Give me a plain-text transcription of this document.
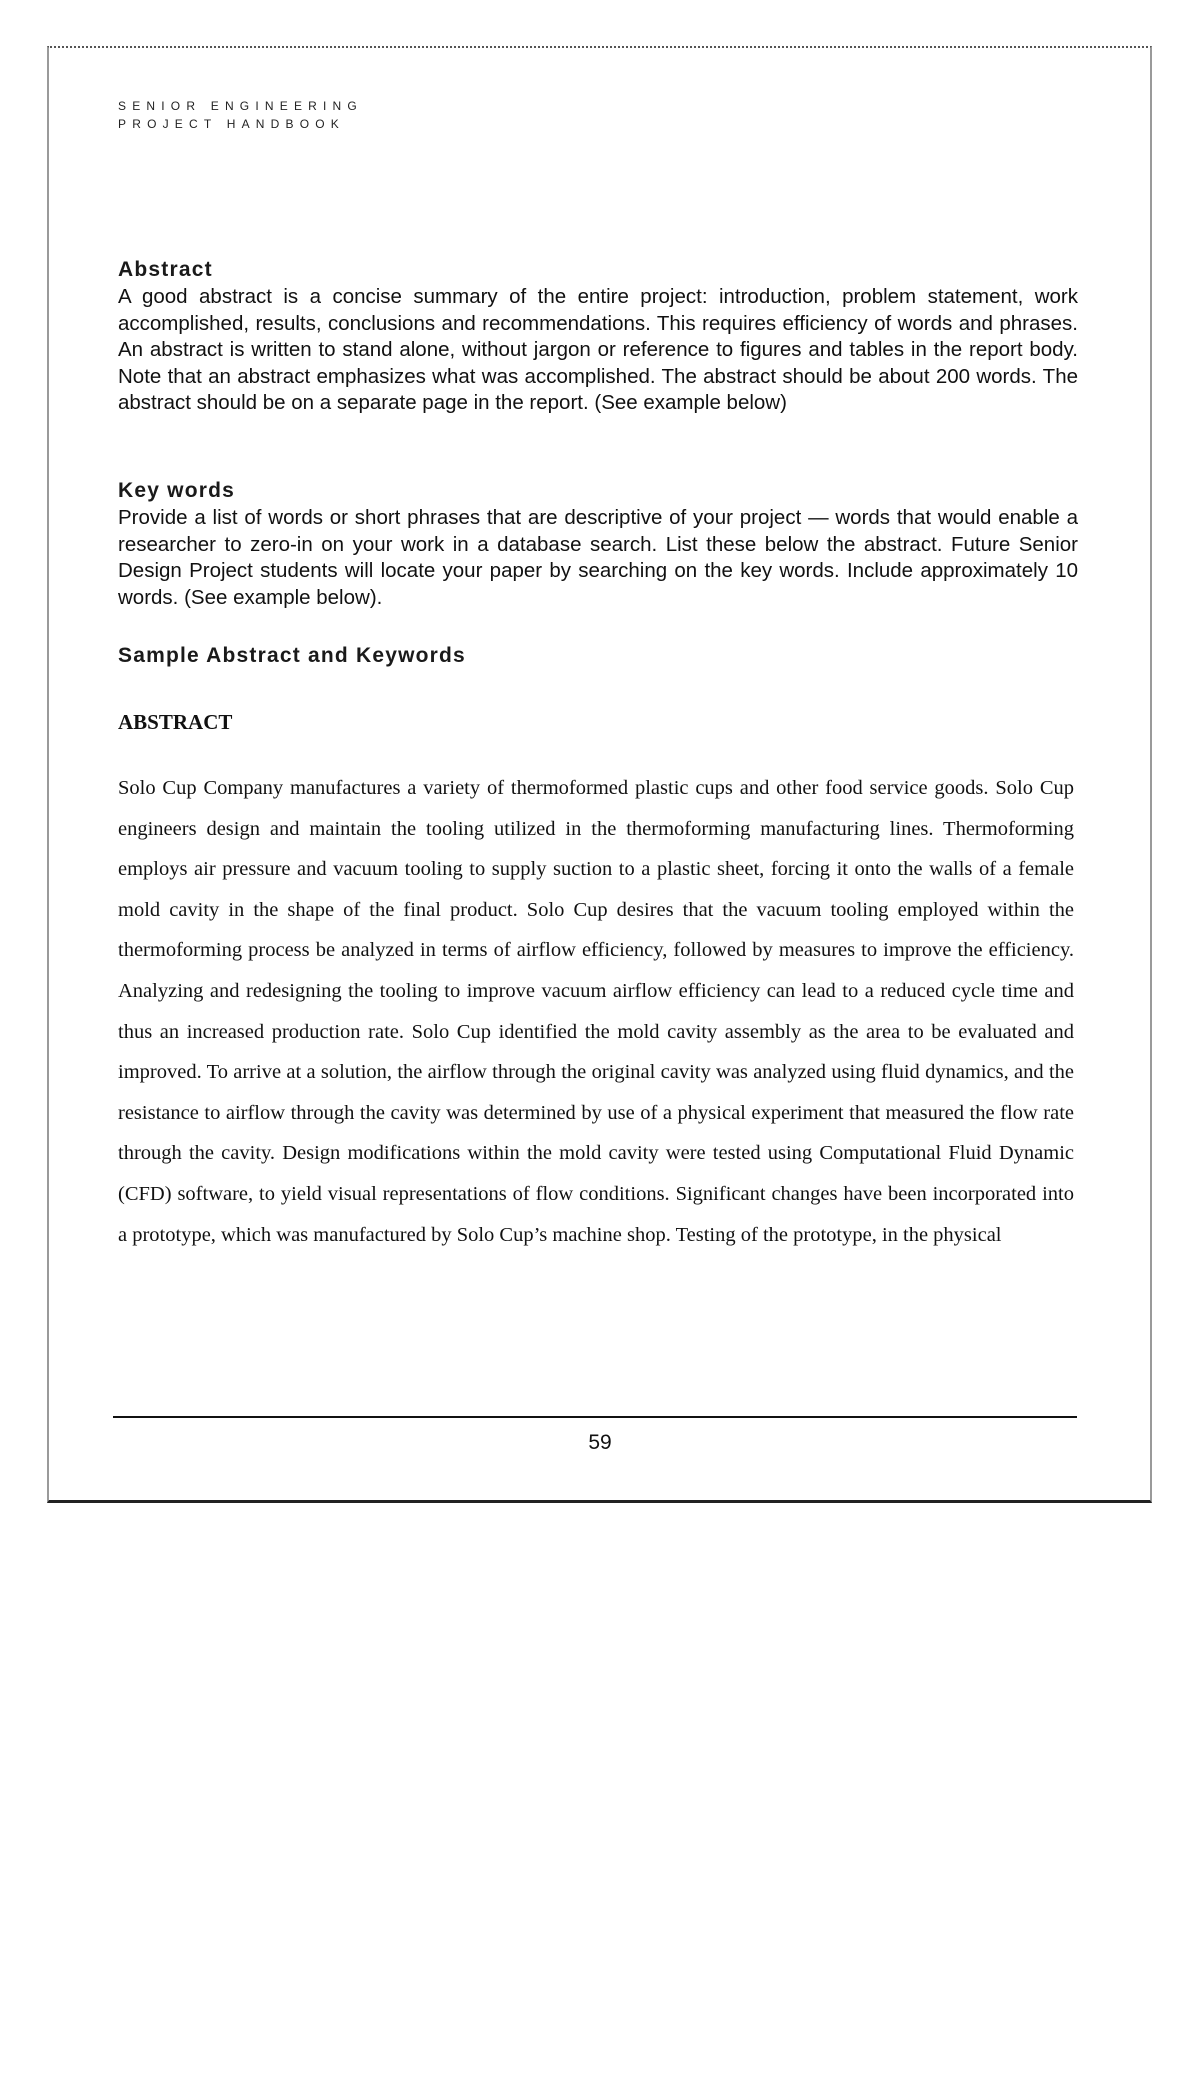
SENIOR ENGINEERING
PROJECT HANDBOOK
Abstract

A good abstract is a concise summary of the entire project: introduction, problem statement, work accomplished, results, conclusions and recommendations. This requires efficiency of words and phrases. An abstract is written to stand alone, without jargon or reference to figures and tables in the report body. Note that an abstract emphasizes what was accomplished. The abstract should be about 200 words. The abstract should be on a separate page in the report. (See example below)

Key words

Provide a list of words or short phrases that are descriptive of your project — words that would enable a researcher to zero-in on your work in a database search. List these below the abstract. Future Senior Design Project students will locate your paper by searching on the key words. Include approximately 10 words. (See example below).

Sample Abstract and Keywords
ABSTRACT

Solo Cup Company manufactures a variety of thermoformed plastic cups and other food service goods. Solo Cup engineers design and maintain the tooling utilized in the thermoforming manufacturing lines. Thermoforming employs air pressure and vacuum tooling to supply suction to a plastic sheet, forcing it onto the walls of a female mold cavity in the shape of the final product. Solo Cup desires that the vacuum tooling employed within the thermoforming process be analyzed in terms of airflow efficiency, followed by measures to improve the efficiency. Analyzing and redesigning the tooling to improve vacuum airflow efficiency can lead to a reduced cycle time and thus an increased production rate. Solo Cup identified the mold cavity assembly as the area to be evaluated and improved. To arrive at a solution, the airflow through the original cavity was analyzed using fluid dynamics, and the resistance to airflow through the cavity was determined by use of a physical experiment that measured the flow rate through the cavity. Design modifications within the mold cavity were tested using Computational Fluid Dynamic (CFD) software, to yield visual representations of flow conditions. Significant changes have been incorporated into a prototype, which was manufactured by Solo Cup’s machine shop. Testing of the prototype, in the physical

59
